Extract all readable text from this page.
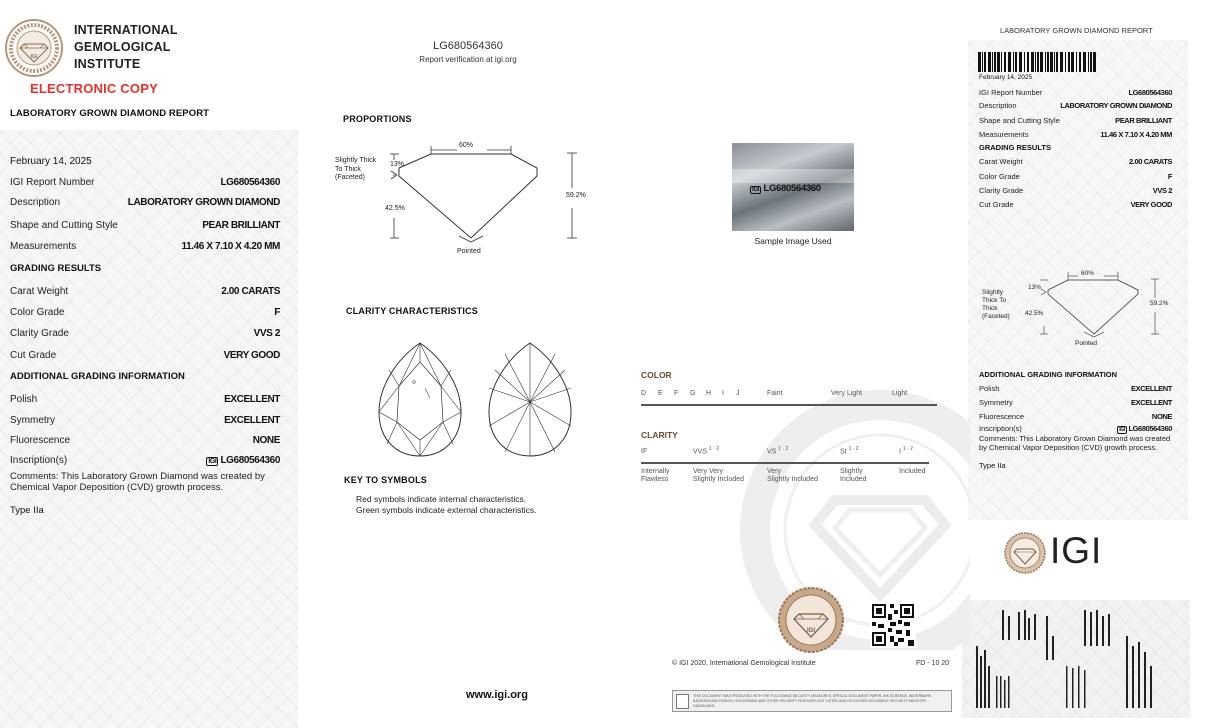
IGI
INTERNATIONAL
GEMOLOGICAL
INSTITUTE
ELECTRONIC COPY
LABORATORY GROWN DIAMOND REPORT
February 14, 2025
IGI Report Number	LG680564360
Description	LABORATORY GROWN DIAMOND
Shape and Cutting Style	PEAR BRILLIANT
Measurements	11.46 X 7.10 X 4.20 MM
GRADING RESULTS
Carat Weight	2.00 CARATS
Color Grade	F
Clarity Grade	VVS 2
Cut Grade	VERY GOOD
ADDITIONAL GRADING INFORMATION
Polish	EXCELLENT
Symmetry	EXCELLENT
Fluorescence	NONE
Inscription(s)	IGI LG680564360
Comments: This Laboratory Grown Diamond was created by Chemical Vapor Deposition (CVD) growth process.
Type IIa
LG680564360
Report verification at igi.org
PROPORTIONS
60%
13%
42.5%
59.2%
Slightly Thick
To Thick
(Faceted)
Pointed
IGI LG680564360
Sample Image Used
CLARITY CHARACTERISTICS
KEY TO SYMBOLS
Red symbols indicate internal characteristics.
Green symbols indicate external characteristics.
COLOR
D E F G H I J	Faint	Very Light	Light
CLARITY
IF	VVS $^{1 \cdot 2}$	VS $^{1 \cdot 2}$	SI $^{1 \cdot 2}$	I $^{1 \cdot 2}$
Internally
Flawless
Very Very
Slightly Included
Very
Slightly Included
Slightly
Included
Included
IGI
© IGI 2020, International Gemological Institute	FD - 10 20
www.igi.org	THIS DOCUMENT WAS PRODUCED WITH THE FOLLOWING SECURITY MEASURES: SPECIAL DOCUMENT PAPER, INK SCREENS, WATERMARK BACKGROUND DESIGN, HOLOGRAMS AND OTHER SECURITY FEATURES NOT LISTED AND DO EXCEED DOCUMENT SECURITY INDUSTRY GUIDELINES.
LABORATORY GROWN DIAMOND REPORT
February 14, 2025
IGI Report Number	LG680564360
Description	LABORATORY GROWN DIAMOND
Shape and Cutting Style	PEAR BRILLIANT
Measurements	11.46 X 7.10 X 4.20 MM
GRADING RESULTS
Carat Weight	2.00 CARATS
Color Grade	F
Clarity Grade	VVS 2
Cut Grade	VERY GOOD
60%
13%
42.5%
59.2%
Slightly
Thick To
Thick
(Faceted)
Pointed
ADDITIONAL GRADING INFORMATION
Polish	EXCELLENT
Symmetry	EXCELLENT
Fluorescence	NONE
Inscription(s)	IGI LG680564360
Comments: This Laboratory Grown Diamond was created by Chemical Vapor Deposition (CVD) growth process.
Type IIa
IGI
